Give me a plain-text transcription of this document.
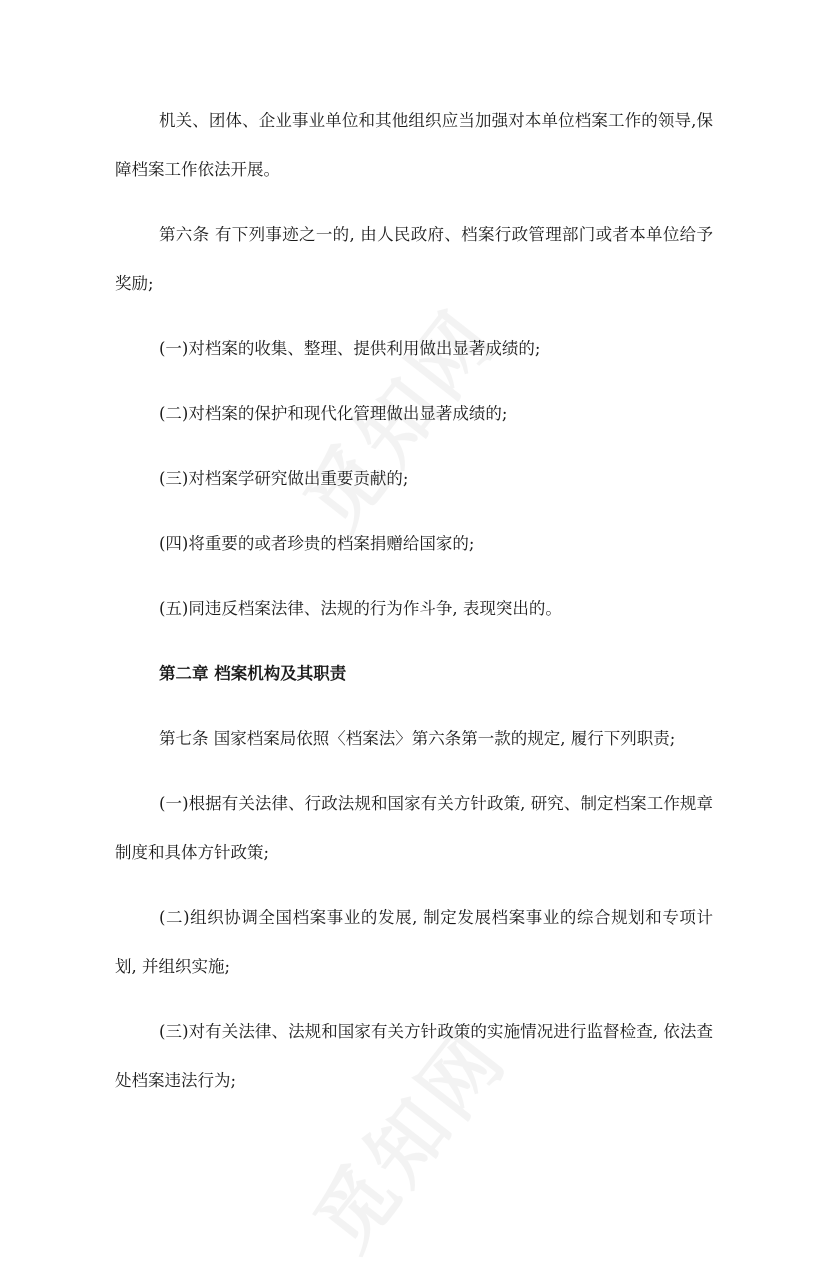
机关、团体、企业事业单位和其他组织应当加强对本单位档案工作的领导,保障档案工作依法开展。

第六条 有下列事迹之一的, 由人民政府、档案行政管理部门或者本单位给予奖励;

(一)对档案的收集、整理、提供利用做出显著成绩的;

(二)对档案的保护和现代化管理做出显著成绩的;

(三)对档案学研究做出重要贡献的;

(四)将重要的或者珍贵的档案捐赠给国家的;

(五)同违反档案法律、法规的行为作斗争, 表现突出的。

第二章 档案机构及其职责

第七条 国家档案局依照〈档案法〉第六条第一款的规定, 履行下列职责;

(一)根据有关法律、行政法规和国家有关方针政策, 研究、制定档案工作规章制度和具体方针政策;

(二)组织协调全国档案事业的发展, 制定发展档案事业的综合规划和专项计划, 并组织实施;

(三)对有关法律、法规和国家有关方针政策的实施情况进行监督检查, 依法查处档案违法行为;
